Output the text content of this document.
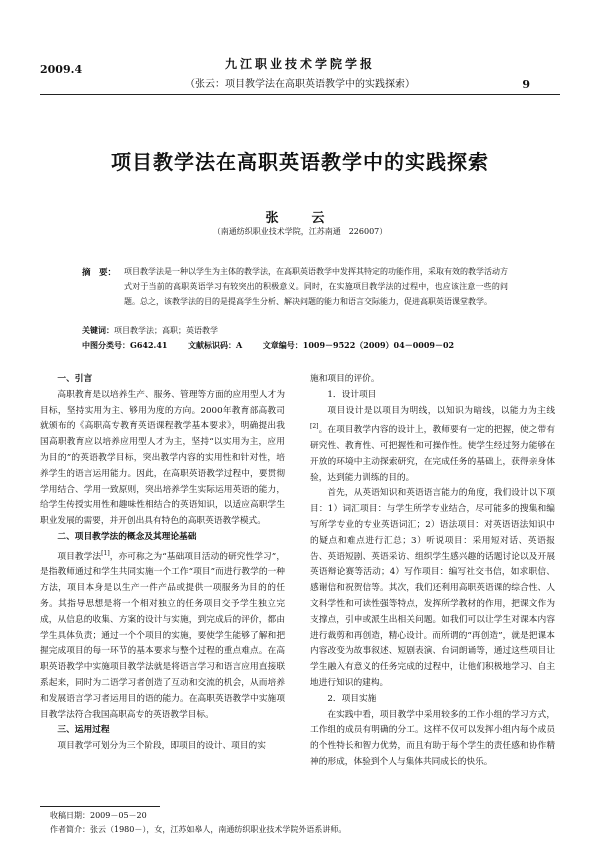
2009.4	九江职业技术学院学报
（张云：项目教学法在高职英语教学中的实践探索）	9
项目教学法在高职英语教学中的实践探索
张　云
（南通纺织职业技术学院，江苏南通　226007）
摘　要： 项目教学法是一种以学生为主体的教学法，在高职英语教学中发挥其特定的功能作用，采取有效的教学活动方式对于当前的高职英语学习有较突出的积极意义。同时，在实施项目教学法的过程中，也应该注意一些的问题。总之，该教学法的目的是提高学生分析、解决问题的能力和语言交际能力，促进高职英语课堂教学。
关键词：项目教学法；高职；英语教学
中图分类号：G642.41	文献标识码：A	文章编号：1009－9522（2009）04－0009－02

一、引言

高职教育是以培养生产、服务、管理等方面的应用型人才为目标，坚持实用为主、够用为度的方向。2000年教育部高教司就颁布的《高职高专教育英语课程教学基本要求》，明确提出我国高职教育应以培养应用型人才为主，坚持“以实用为主，应用为目的”的英语教学目标，突出教学内容的实用性和针对性，培养学生的语言运用能力。因此，在高职英语教学过程中，要贯彻学用结合、学用一致原则，突出培养学生实际运用英语的能力，给学生传授实用性和趣味性相结合的英语知识，以适应高职学生职业发展的需要，并开创出具有特色的高职英语教学模式。

二、项目教学法的概念及其理论基础

项目教学法[1]，亦可称之为“基础项目活动的研究性学习”，是指教师通过和学生共同实施一个工作“项目”而进行教学的一种方法，项目本身是以生产一件产品或提供一项服务为目的的任务。其指导思想是将一个相对独立的任务项目交予学生独立完成，从信息的收集、方案的设计与实施，到完成后的评价，都由学生具体负责；通过一个个项目的实施，要使学生能够了解和把握完成项目的每一环节的基本要求与整个过程的重点难点。在高职英语教学中实施项目教学法就是将语言学习和语言应用直接联系起来，同时为二语学习者创造了互动和交流的机会，从而培养和发展语言学习者运用目的语的能力。在高职英语教学中实施项目教学法符合我国高职高专的英语教学目标。

三、运用过程

项目教学可划分为三个阶段，即项目的设计、项目的实

施和项目的评价。

1．设计项目

项目设计是以项目为明线，以知识为暗线，以能力为主线[2]。在项目教学内容的设计上，教师要有一定的把握，使之带有研究性、教育性、可把握性和可操作性。使学生经过努力能够在开放的环境中主动探索研究，在完成任务的基础上，获得亲身体验，达到能力训练的目的。

首先，从英语知识和英语语言能力的角度，我们设计以下项目：1）词汇项目：与学生所学专业结合，尽可能多的搜集和编写所学专业的专业英语词汇；2）语法项目：对英语语法知识中的疑点和难点进行汇总；3）听说项目：采用短对话、英语报告、英语短剧、英语采访、组织学生感兴趣的话题讨论以及开展英语辩论赛等活动；4）写作项目：编写社交书信，如求职信、感谢信和祝贺信等。其次，我们还利用高职英语课的综合性、人文科学性和可读性强等特点，发挥所学教材的作用，把课文作为支撑点，引申或派生出相关问题。如我们可以让学生对课本内容进行裁剪和再创造，精心设计。而所谓的“再创造”，就是把课本内容改变为故事叙述、短剧表演、台词朗诵等，通过这些项目让学生融入有意义的任务完成的过程中，让他们积极地学习、自主地进行知识的建构。

2．项目实施

在实践中看，项目教学中采用较多的工作小组的学习方式，工作组的成员有明确的分工。这样不仅可以发挥小组内每个成员的个性特长和智力优势，而且有助于每个学生的责任感和协作精神的形成，体验到个人与集体共同成长的快乐。

收稿日期：2009－05－20
作者简介：张云（1980－），女，江苏如皋人，南通纺织职业技术学院外语系讲师。
